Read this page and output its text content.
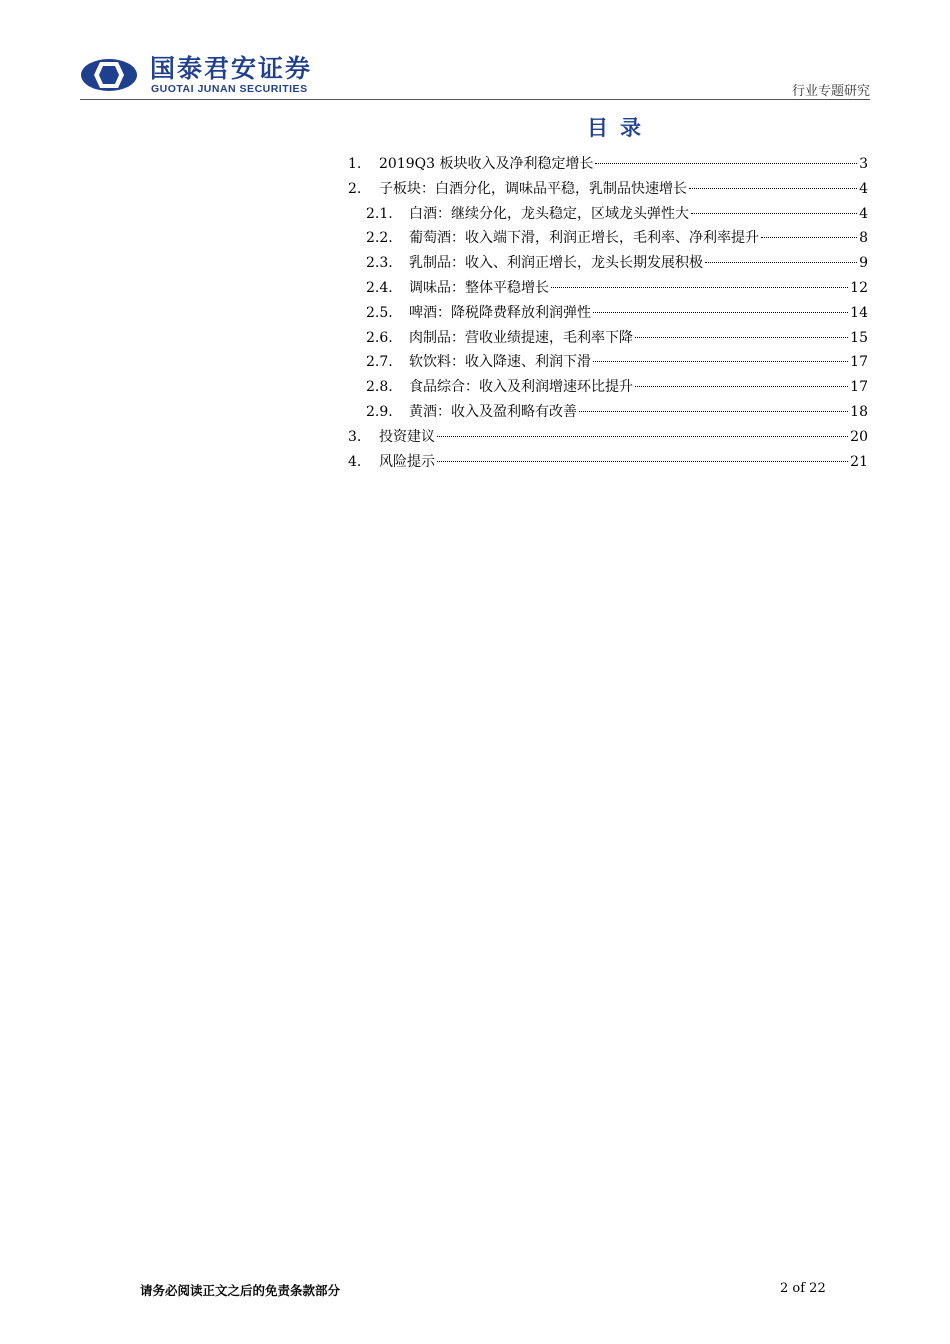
国泰君安证券
GUOTAI JUNAN SECURITIES	行业专题研究
目录
1.	2019Q3 板块收入及净利稳定增长	3
2.	子板块：白酒分化，调味品平稳，乳制品快速增长	4
2.1.	白酒：继续分化，龙头稳定，区域龙头弹性大	4
2.2.	葡萄酒：收入端下滑，利润正增长，毛利率、净利率提升	8
2.3.	乳制品：收入、利润正增长，龙头长期发展积极	9
2.4.	调味品：整体平稳增长	12
2.5.	啤酒：降税降费释放利润弹性	14
2.6.	肉制品：营收业绩提速，毛利率下降	15
2.7.	软饮料：收入降速、利润下滑	17
2.8.	食品综合：收入及利润增速环比提升	17
2.9.	黄酒：收入及盈利略有改善	18
3.	投资建议	20
4.	风险提示	21
请务必阅读正文之后的免责条款部分	2 of 22
